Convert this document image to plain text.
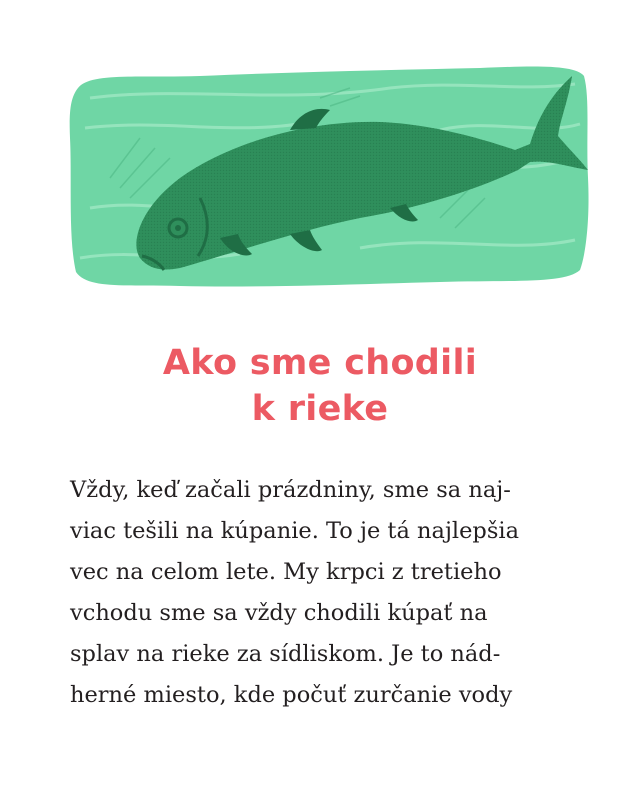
Ako sme chodili
k rieke
Vždy, keď začali prázdniny, sme sa naj-
viac tešili na kúpanie. To je tá najlepšia
vec na celom lete. My krpci z tretieho
vchodu sme sa vždy chodili kúpať na
splav na rieke za sídliskom. Je to nád-
herné miesto, kde počuť zurčanie vody
